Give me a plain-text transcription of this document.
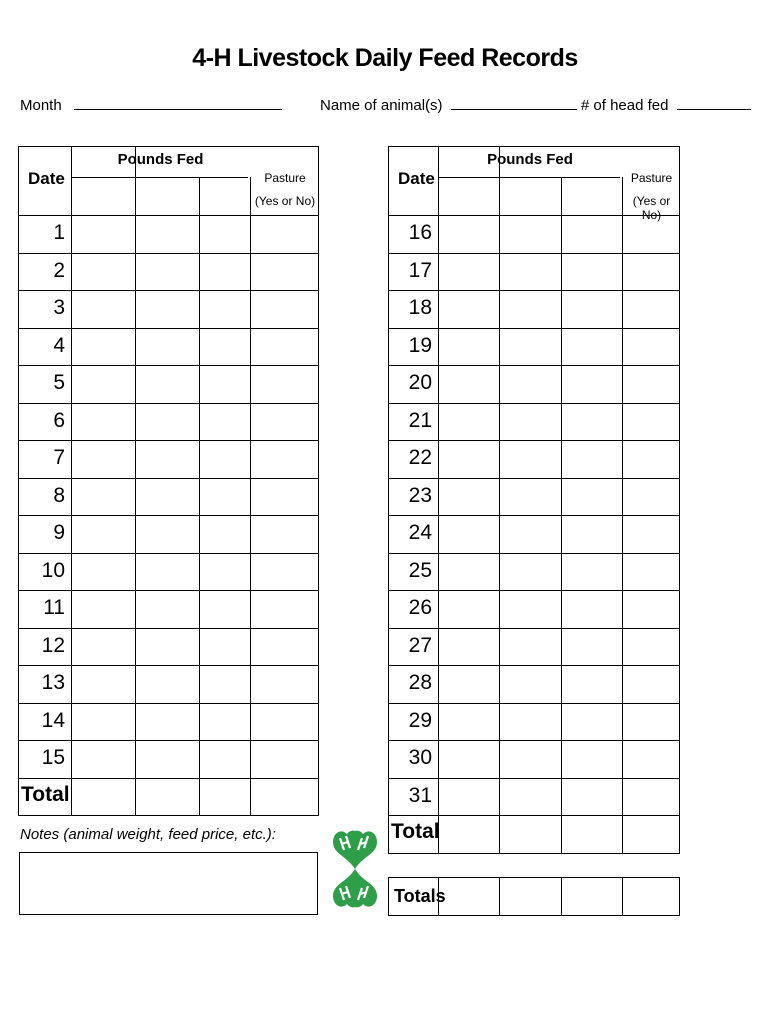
4-H Livestock Daily Feed Records
Month	Name of animal(s)	# of head fed
Date
Pounds Fed
Pasture
(Yes or No)
1
2
3
4
5
6
7
8
9
10
11
12
13
14
15
Total
Date
Pounds Fed
Pasture
(Yes or No)
16
17
18
19
20
21
22
23
24
25
26
27
28
29
30
31
Total
Totals
Notes (animal weight, feed price, etc.):
